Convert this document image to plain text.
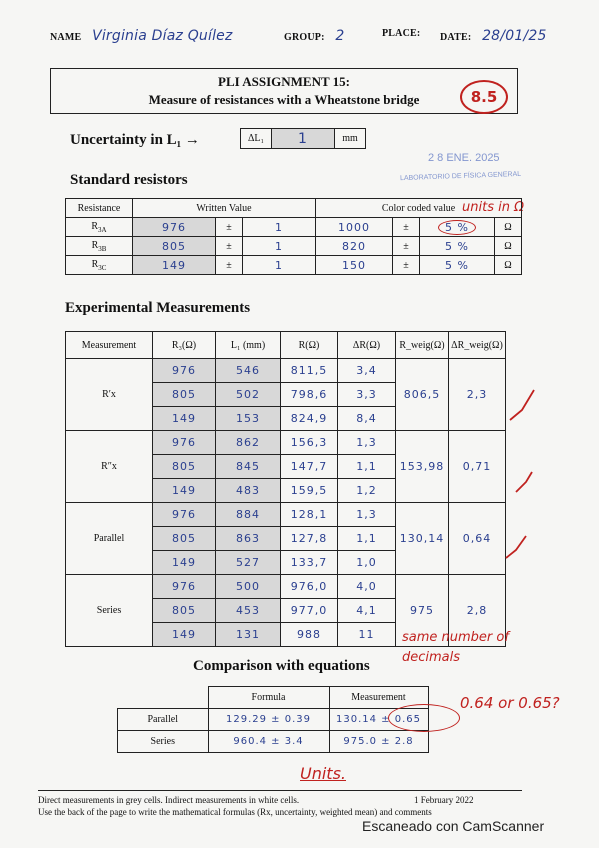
NAME Virginia Díaz Quílez	GROUP: 2	PLACE: DATE: 28/01/25
PLI ASSIGNMENT 15:
Measure of resistances with a Wheatstone bridge	8.5
Uncertainty in L₁ →	ΔL₁	1	mm
2 8 ENE. 2025
LABORATORIO DE FÍSICA GENERAL
Standard resistors
units in Ω
Resistance	Written Value			Color coded value			
$R_{3A}$	976	±	1	1000	±	5 %	Ω
$R_{3B}$	805	±	1	820	±	5 %	Ω
$R_{3C}$	149	±	1	150	±	5 %	Ω
Experimental Measurements
Measurement	R₃(Ω)	L₁ (mm)	R(Ω)	ΔR(Ω)	R_weig(Ω)	ΔR_weig(Ω)
R′x	976	546	811,5	3,4	806,5	2,3
	805	502	798,6	3,3		
	149	153	824,9	8,4		
R″x	976	862	156,3	1,3	153,98	0,71
	805	845	147,7	1,1		
	149	483	159,5	1,2		
Parallel	976	884	128,1	1,3	130,14	0,64
	805	863	127,8	1,1		
	149	527	133,7	1,0		
Series	976	500	976,0	4,0	975	2,8
	805	453	977,0	4,1		
	149	131	988	11		same number of decimals
Comparison with equations
	Formula	Measurement
Parallel	129.29 ± 0.39	130.14 ± 0.65
Series	960.4 ± 3.4	975.0 ± 2.8
0.64 or 0.65?
Units.
Direct measurements in grey cells. Indirect measurements in white cells.	1 February 2022
Use the back of the page to write the mathematical formulas (Rx, uncertainty, weighted mean) and comments
Escaneado con CamScanner
